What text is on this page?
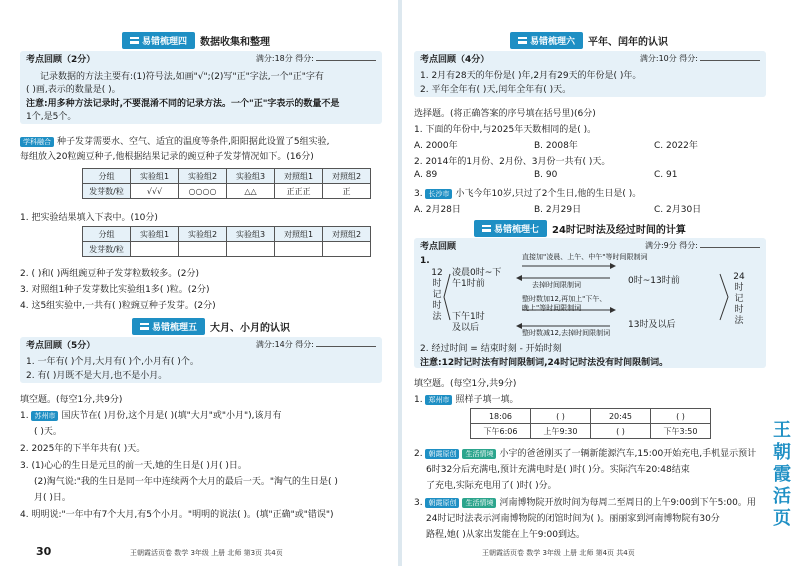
易错梳理四 数据收集和整理
考点回顾（2分）	满分:18分 得分:
记录数据的方法主要有:(1)符号法,如画"√";(2)写"正"字法,一个"正"字有
( )画,表示的数量是( )。
注意:用多种方法记录时,不要混淆不同的记录方法。一个"正"字表示的数量不是
1个,是5个。
学科融合 种子发芽需要水、空气、适宜的温度等条件,阳阳据此设置了5组实验,
每组放入20粒豌豆种子,他根据结果记录的豌豆种子发芽情况如下。(16分)
分组	实验组1	实验组2	实验组3	对照组1	对照组2
发芽数/粒	√√√	○○○○	△△	正正正	正
1. 把实验结果填入下表中。(10分)
分组	实验组1	实验组2	实验组3	对照组1	对照组2
发芽数/粒					
2. ( )和( )两组豌豆种子发芽粒数较多。(2分)
3. 对照组1种子发芽数比实验组1多( )粒。(2分)
4. 这5组实验中,一共有( )粒豌豆种子发芽。(2分)
易错梳理五 大月、小月的认识
考点回顾（5分）	满分:14分 得分:
1. 一年有( )个月,大月有( )个,小月有( )个。
2. 有( )月既不是大月,也不是小月。
填空题。(每空1分,共9分)
1. 苏州市 国庆节在( )月份,这个月是( )(填"大月"或"小月"),该月有
( )天。
2. 2025年的下半年共有( )天。
3. (1)心心的生日是元旦的前一天,她的生日是( )月( )日。
(2)淘气说:"我的生日是同一年中连续两个大月的最后一天。"淘气的生日是( )
月( )日。
4. 明明说:"一年中有7个大月,有5个小月。"明明的说法( )。(填"正确"或"错误")
30	王朝霞活页卷 数学 3年级 上册 北师 第3页 共4页
易错梳理六 平年、闰年的认识
考点回顾（4分）	满分:10分 得分:
1. 2月有28天的年份是( )年,2月有29天的年份是( )年。
2. 平年全年有( )天,闰年全年有( )天。
选择题。(将正确答案的序号填在括号里)(6分)
1. 下面的年份中,与2025年天数相同的是( )。
A. 2000年	B. 2008年	C. 2022年
2. 2014年的1月份、2月份、3月份一共有( )天。
A. 89	B. 90	C. 91
3. 长沙市 小飞今年10岁,只过了2个生日,他的生日是( )。
A. 2月28日	B. 2月29日	C. 2月30日
易错梳理七 24时记时法及经过时间的计算
考点回顾	满分:9分 得分:
1.
12时记时法
24时记时法
凌晨0时~下午1时前
直接加"凌晨、上午、中午"等时间限制词
去掉时间限制词	0时~13时前
下午1时及以后
整时数加12,再加上"下午、
晚上"等时间限制词
整时数减12,去掉时间限制词
13时及以后
2. 经过时间 = 结束时刻 - 开始时刻
注意:12时记时法有时间限制词,24时记时法没有时间限制词。
填空题。(每空1分,共9分)
1. 郑州市 照样子填一填。
18:06	( )	20:45	( )
下午6:06	上午9:30	( )	下午3:50
2. 朝霞原创 生活情境 小宇的爸爸刚买了一辆新能源汽车,15:00开始充电,手机显示预计
6时32分后充满电,预计充满电时是( )时( )分。实际汽车20:48结束
了充电,实际充电用了( )时( )分。
3. 朝霞原创 生活情境 河南博物院开放时间为每周二至周日的上午9:00到下午5:00。用
24时记时法表示河南博物院的闭馆时间为( )。丽丽家到河南博物院有30分
路程,她( )从家出发能在上午9:00到达。
王朝霞活页卷 数学 3年级 上册 北师 第4页 共4页
王朝霞活页
